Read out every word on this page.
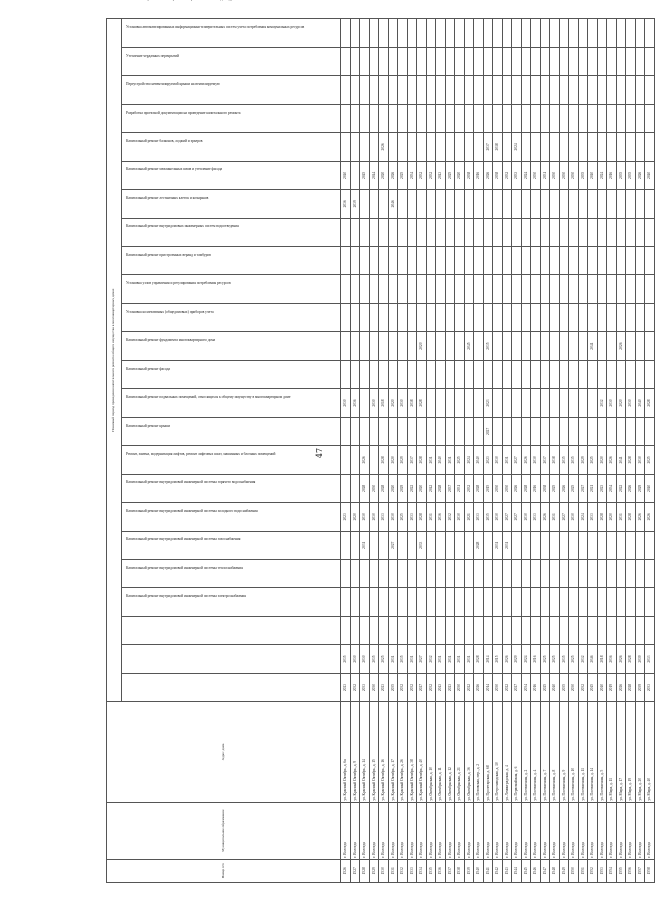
47
Номер п/п	Муниципальное образование	Адрес дома	Плановый период проведения капитального ремонта общего имущества в многоквартирных домах																							

			Капитальный ремонт внутридомовой инженерной системы электроснабжения	Капитальный ремонт внутридомовой инженерной системы теплоснабжения	Капитальный ремонт внутридомовой инженерной системы газоснабжения	Капитальный ремонт внутридомовой инженерной системы холодного водоснабжения	Капитальный ремонт внутридомовой инженерной системы горячего водоснабжения	Ремонт, замена, модернизация лифтов, ремонт лифтовых шахт, машинных и блочных помещений	Капитальный ремонт крыши	Капитальный ремонт подвальных помещений, относящихся к общему имуществу в многоквартирном доме	Капитальный ремонт фасада	Капитальный ремонт фундамента многоквартирного дома	Установка коллективных (общедомовых) приборов учета	Установка узлов управления и регулирования потребления ресурсов	Капитальный ремонт пристроенных веранд и тамбуров	Капитальный ремонт внутридомовых инженерных систем водоотведения	Капитальный ремонт лестничных клеток и козырьков	Капитальный ремонт межпанельных швов и утепление фасада	Капитальный ремонт балконов, лоджий и эркеров	Разработка проектной документации на проведение капитального ремонта	Переустройство невентилируемой крыши на вентилируемую	Утепление чердачных перекрытий	Установка автоматизированных информационно-измерительных систем учета потребления коммунальных ресурсов

1526	г. Вологда	ул. Красный Октябрь, д. 6а	2023	2035					2023				2030							2036	2040					
1527	г. Вологда	ул. Красный Октябрь, д. 9	2032	2030					2020				2036							2039						
1528	г. Вологда	ул. Красный Октябрь, д. 14	2033	2030				2031	2030	2028	2026										2045					
1529	г. Вологда	ул. Красный Октябрь, д. 15	2030	2035					2030	2030			2030								2044					
1530	г. Вологда	ул. Красный Октябрь, д. 16	2023	2025					2033	2028	2028		2018								2020	2026				
1531	г. Вологда	ул. Красный Октябрь, д. 17	2035	2031				2027	2030	2020	2020		2020							2046	2026					
1532	г. Вологда	ул. Красный Октябрь, д. 26	2032	2035					2025	2029	2029		2030								2025					
1533	г. Вологда	ул. Красный Октябрь, д. 38	2032	2031					2033	2022	2037		2038								2034					
1534	г. Вологда	ул. Красный Октябрь, д. 40	2027	2027				2033	2028	2020	2028		2028		2020						2032					
1535	г. Вологда	ул. Октябрьская, д. 10	2032	2032					2031	2042	2031										2032					
1536	г. Вологда	ул. Октябрьская, д. 11	2043	2031					2036	2028	2040										2043					
1537	г. Вологда	ул. Октябрьская, д. 12	2023	2031					2032	2037	2031										2025					
1538	г. Вологда	ул. Октябрьская, д. 21	2030	2031					2030	2031	2025										2020					
1539	г. Вологда	ул. Октябрьская, д. 36	2022	2031					2021	2032	2024				2045						2038					
1540	г. Вологда	ул. Поповская, пер., д. 2	2026	2028				2028	2033	2028	2040										2016					
1541	г. Вологда	ул. Пролетарская, д. 68	2014	2014					2035	2015	2023	2027	2023		2035						2026	2037				
1542	г. Вологда	ул. Петрозаводская, д. 10	2030	2015				2031	2030	2030	2030										2038	2018				
1543	г. Вологда	ул. Ленинградская, д. 4	2022	2026				2031	2027	2030	2031										2032					
1544	г. Вологда	ул. Первомайская, д. 6	2027	2029					2027	2026	2027										2033	2024				
1545	г. Вологда	ул. Плотничная, д. 2	2034	2024					2030	2028	2026										2024					
1546	г. Вологда	ул. Плотничная, д. 4	2016	2016					2033	2016	2030										2030					
1547	г. Вологда	ул. Плотничная, д. 7	2025	2025					2026	2038	2037										2031					
1548	г. Вологда	ул. Плотничная, д. 8	2040	2025					2031	2025	2038										2030					
1549	г. Вологда	ул. Плотничная, д. 9	2035	2035					2027	2026	2035										2030					
1550	г. Вологда	ул. Плотничная, д. 10	2030	2025					2030	2025	2035										2030					
1551	г. Вологда	ул. Плотничная, д. 11	2032	2032					2024	2027	2029										2035					
1552	г. Вологда	ул. Плотничная, д. 14	2045	2046					2033	2021	2025				2041						2040					
1553	г. Вологда	ул. Плотничная, д. 5	2040	2018					2028	2023	2020		2032								2024					
1554	г. Вологда	ул. Мира, д. 11	2019	2036					2020	2034	2026		2030								2016					
1555	г. Вологда	ул. Мира, д. 17	2026	2026					2031	2022	2041		2020		2026						2035					
1556	г. Вологда	ул. Мира, д. 19	2028	2028					2028	2026	2028		2030								2035					
1557	г. Вологда	ул. Мира, д. 20	2039	2039					2026	2029	2030		2040								2026					
1558	г. Вологда	ул. Мира, д. 40	2033	2033					2026	2040	2025		2028								2040					
